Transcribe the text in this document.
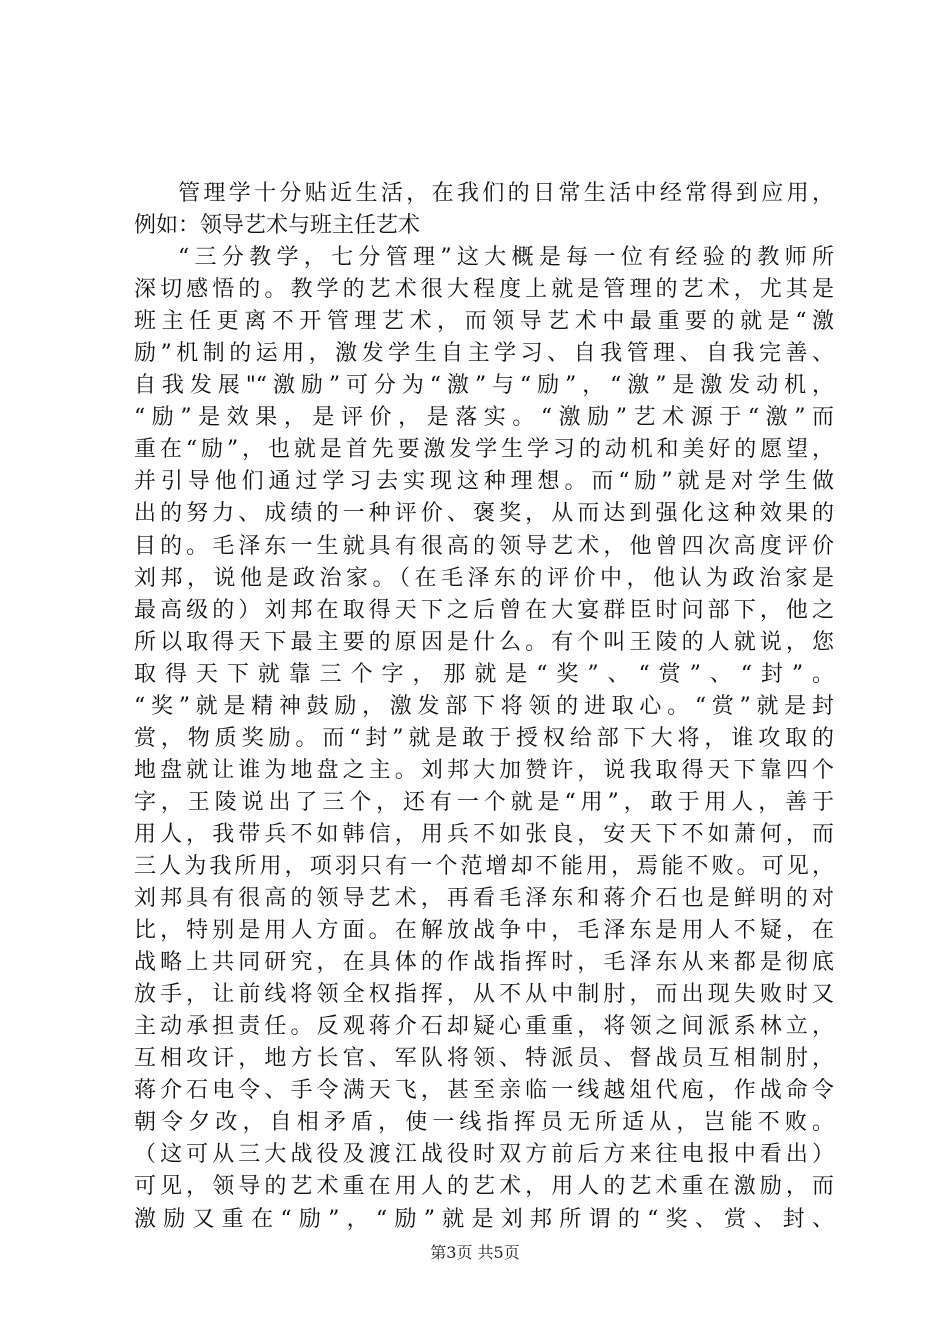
管理学十分贴近生活，在我们的日常生活中经常得到应用，
例如：领导艺术与班主任艺术
“三分教学，七分管理”这大概是每一位有经验的教师所
深切感悟的。教学的艺术很大程度上就是管理的艺术，尤其是
班主任更离不开管理艺术，而领导艺术中最重要的就是“激
励”机制的运用，激发学生自主学习、自我管理、自我完善、
自我发展"“激励”可分为“激”与“励”，“激”是激发动机，
“励”是效果，是评价，是落实。“激励”艺术源于“激”而
重在“励”，也就是首先要激发学生学习的动机和美好的愿望，
并引导他们通过学习去实现这种理想。而“励”就是对学生做
出的努力、成绩的一种评价、褒奖，从而达到强化这种效果的
目的。毛泽东一生就具有很高的领导艺术，他曾四次高度评价
刘邦，说他是政治家。（在毛泽东的评价中，他认为政治家是
最高级的）刘邦在取得天下之后曾在大宴群臣时问部下，他之
所以取得天下最主要的原因是什么。有个叫王陵的人就说，您
取得天下就靠三个字，那就是“奖”、“赏”、“封”。
“奖”就是精神鼓励，激发部下将领的进取心。“赏”就是封
赏，物质奖励。而“封”就是敢于授权给部下大将，谁攻取的
地盘就让谁为地盘之主。刘邦大加赞许，说我取得天下靠四个
字，王陵说出了三个，还有一个就是“用”，敢于用人，善于
用人，我带兵不如韩信，用兵不如张良，安天下不如萧何，而
三人为我所用，项羽只有一个范增却不能用，焉能不败。可见，
刘邦具有很高的领导艺术，再看毛泽东和蒋介石也是鲜明的对
比，特别是用人方面。在解放战争中，毛泽东是用人不疑，在
战略上共同研究，在具体的作战指挥时，毛泽东从来都是彻底
放手，让前线将领全权指挥，从不从中制肘，而出现失败时又
主动承担责任。反观蒋介石却疑心重重，将领之间派系林立，
互相攻讦，地方长官、军队将领、特派员、督战员互相制肘，
蒋介石电令、手令满天飞，甚至亲临一线越俎代庖，作战命令
朝令夕改，自相矛盾，使一线指挥员无所适从，岂能不败。
（这可从三大战役及渡江战役时双方前后方来往电报中看出）
可见，领导的艺术重在用人的艺术，用人的艺术重在激励，而
激励又重在“励”，“励”就是刘邦所谓的“奖、赏、封、
第3页 共5页
